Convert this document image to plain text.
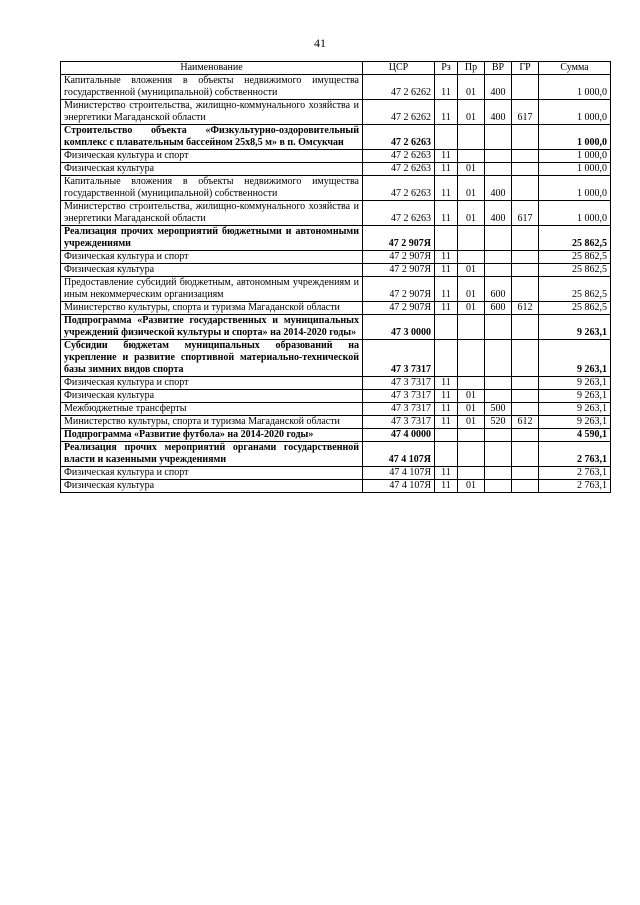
41
Наименование	ЦСР	Рз	Пр	ВР	ГР	Сумма
Капитальные вложения в объекты недвижимого имущества государственной (муниципальной) собственности	47 2 6262	11	01	400		1 000,0
Министерство строительства, жилищно-коммунального хозяйства и энергетики Магаданской области	47 2 6262	11	01	400	617	1 000,0
Строительство объекта «Физкультурно-оздоровительный комплекс с плавательным бассейном 25х8,5 м» в п. Омсукчан	47 2 6263					1 000,0
Физическая культура и спорт	47 2 6263	11				1 000,0
Физическая культура	47 2 6263	11	01			1 000,0
Капитальные вложения в объекты недвижимого имущества государственной (муниципальной) собственности	47 2 6263	11	01	400		1 000,0
Министерство строительства, жилищно-коммунального хозяйства и энергетики Магаданской области	47 2 6263	11	01	400	617	1 000,0
Реализация прочих мероприятий бюджетными и автономными учреждениями	47 2 907Я					25 862,5
Физическая культура и спорт	47 2 907Я	11				25 862,5
Физическая культура	47 2 907Я	11	01			25 862,5
Предоставление субсидий бюджетным, автономным учреждениям и иным некоммерческим организациям	47 2 907Я	11	01	600		25 862,5
Министерство культуры, спорта и туризма Магаданской области	47 2 907Я	11	01	600	612	25 862,5
Подпрограмма «Развитие государственных и муниципальных учреждений физической культуры и спорта» на 2014-2020 годы»	47 3 0000					9 263,1
Субсидии бюджетам муниципальных образований на укрепление и развитие спортивной материально-технической базы зимних видов спорта	47 3 7317					9 263,1
Физическая культура и спорт	47 3 7317	11				9 263,1
Физическая культура	47 3 7317	11	01			9 263,1
Межбюджетные трансферты	47 3 7317	11	01	500		9 263,1
Министерство культуры, спорта и туризма Магаданской области	47 3 7317	11	01	520	612	9 263,1
Подпрограмма «Развитие футбола» на 2014-2020 годы»	47 4 0000					4 590,1
Реализация прочих мероприятий органами государственной власти и казенными учреждениями	47 4 107Я					2 763,1
Физическая культура и спорт	47 4 107Я	11				2 763,1
Физическая культура	47 4 107Я	11	01			2 763,1
